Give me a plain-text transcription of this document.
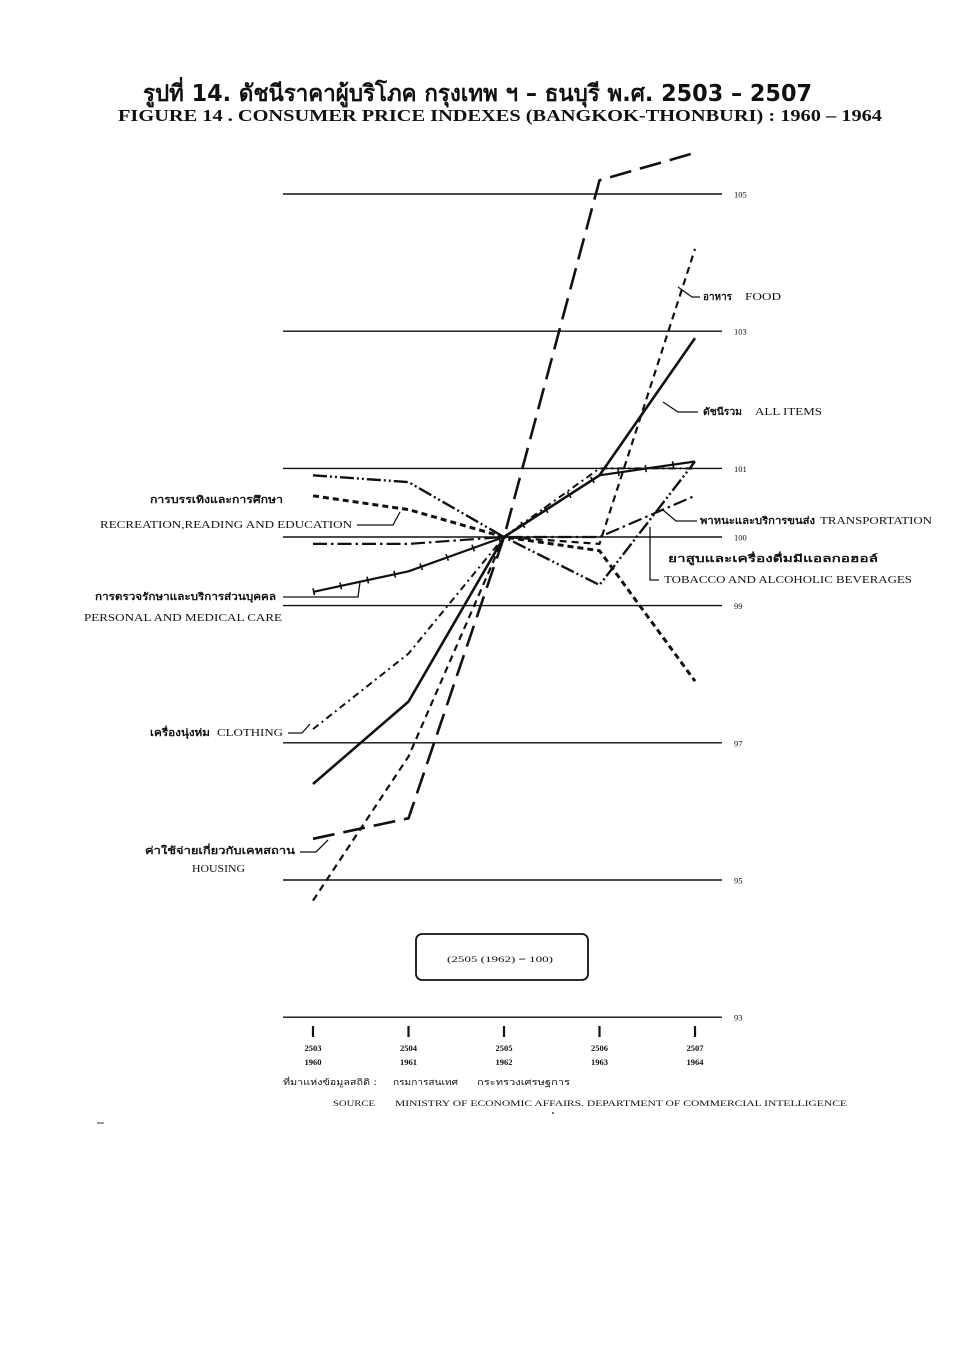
รูปที่ 14. ดัชนีราคาผู้บริโภค กรุงเทพ ฯ – ธนบุรี พ.ศ. 2503 – 2507
FIGURE 14 . CONSUMER PRICE INDEXES (BANGKOK-THONBURI) : 1960 – 1964
105
103
101
100
99
97
95
93
2503
1960
2504
1961
2505
1962
2506
1963
2507
1964
อาหาร FOOD
ดัชนีรวม ALL ITEMS
พาหนะและบริการขนส่ง	TRANSPORTATION
ยาสูบและเครื่องดื่มมีแอลกอฮอล์
TOBACCO AND ALCOHOLIC BEVERAGES
การบรรเทิงและการศึกษา
RECREATION,READING AND EDUCATION
การตรวจรักษาและบริการส่วนบุคคล
PERSONAL AND MEDICAL CARE
เครื่องนุ่งห่ม	CLOTHING
ค่าใช้จ่ายเกี่ยวกับเคหสถาน
HOUSING
(2505 (1962) = 100)
ที่มาแห่งข้อมูลสถิติ :	กรมการสนเทศ กระทรวงเศรษฐการ
SOURCE MINISTRY OF ECONOMIC AFFAIRS. DEPARTMENT OF COMMERCIAL INTELLIGENCE
